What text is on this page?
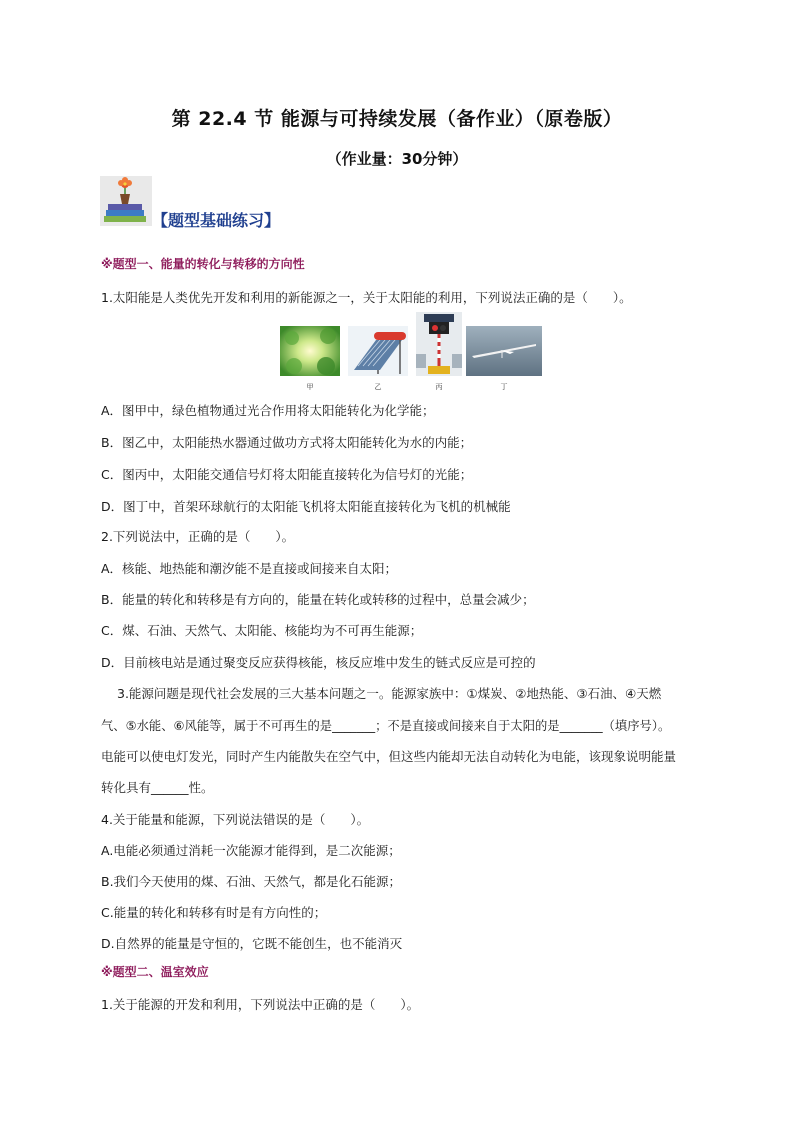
第 22.4 节 能源与可持续发展（备作业）（原卷版）
（作业量：30分钟）
【题型基础练习】
※题型一、能量的转化与转移的方向性
1.太阳能是人类优先开发和利用的新能源之一，关于太阳能的利用，下列说法正确的是（　　）。
甲	乙	丙	丁
A．图甲中，绿色植物通过光合作用将太阳能转化为化学能；
B．图乙中，太阳能热水器通过做功方式将太阳能转化为水的内能；
C．图丙中，太阳能交通信号灯将太阳能直接转化为信号灯的光能；
D．图丁中，首架环球航行的太阳能飞机将太阳能直接转化为飞机的机械能
2.下列说法中，正确的是（　　）。
A．核能、地热能和潮汐能不是直接或间接来自太阳；
B．能量的转化和转移是有方向的，能量在转化或转移的过程中，总量会减少；
C．煤、石油、天然气、太阳能、核能均为不可再生能源；
D．目前核电站是通过聚变反应获得核能，核反应堆中发生的链式反应是可控的
3.能源问题是现代社会发展的三大基本问题之一。能源家族中：①煤炭、②地热能、③石油、④天燃
气、⑤水能、⑥风能等，属于不可再生的是_______；不是直接或间接来自于太阳的是_______（填序号）。
电能可以使电灯发光，同时产生内能散失在空气中，但这些内能却无法自动转化为电能，该现象说明能量
转化具有______性。
4.关于能量和能源，下列说法错误的是（　　）。
A.电能必须通过消耗一次能源才能得到，是二次能源；
B.我们今天使用的煤、石油、天然气，都是化石能源；
C.能量的转化和转移有时是有方向性的；
D.自然界的能量是守恒的，它既不能创生，也不能消灭
※题型二、温室效应
1.关于能源的开发和利用，下列说法中正确的是（　　）。
